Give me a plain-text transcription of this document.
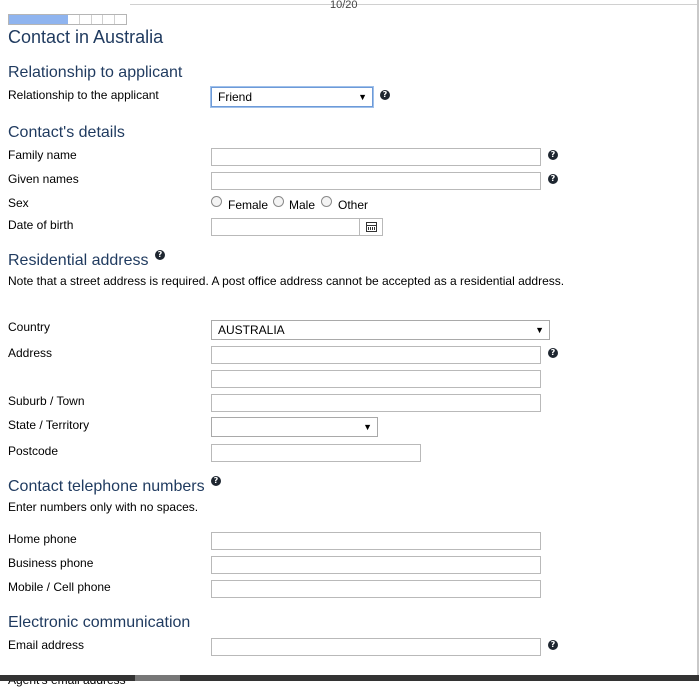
10/20
Contact in Australia
Relationship to applicant
Relationship to the applicant	Friend	▼	?
Contact's details
Family name	?
Given names	?
Sex	Female Male Other
Date of birth
Residential address	?
Note that a street address is required. A post office address cannot be accepted as a residential address.
Country	AUSTRALIA	▼
Address	?
Suburb / Town
State / Territory	▼
Postcode
Contact telephone numbers	?
Enter numbers only with no spaces.
Home phone
Business phone
Mobile / Cell phone
Electronic communication
Email address	?
